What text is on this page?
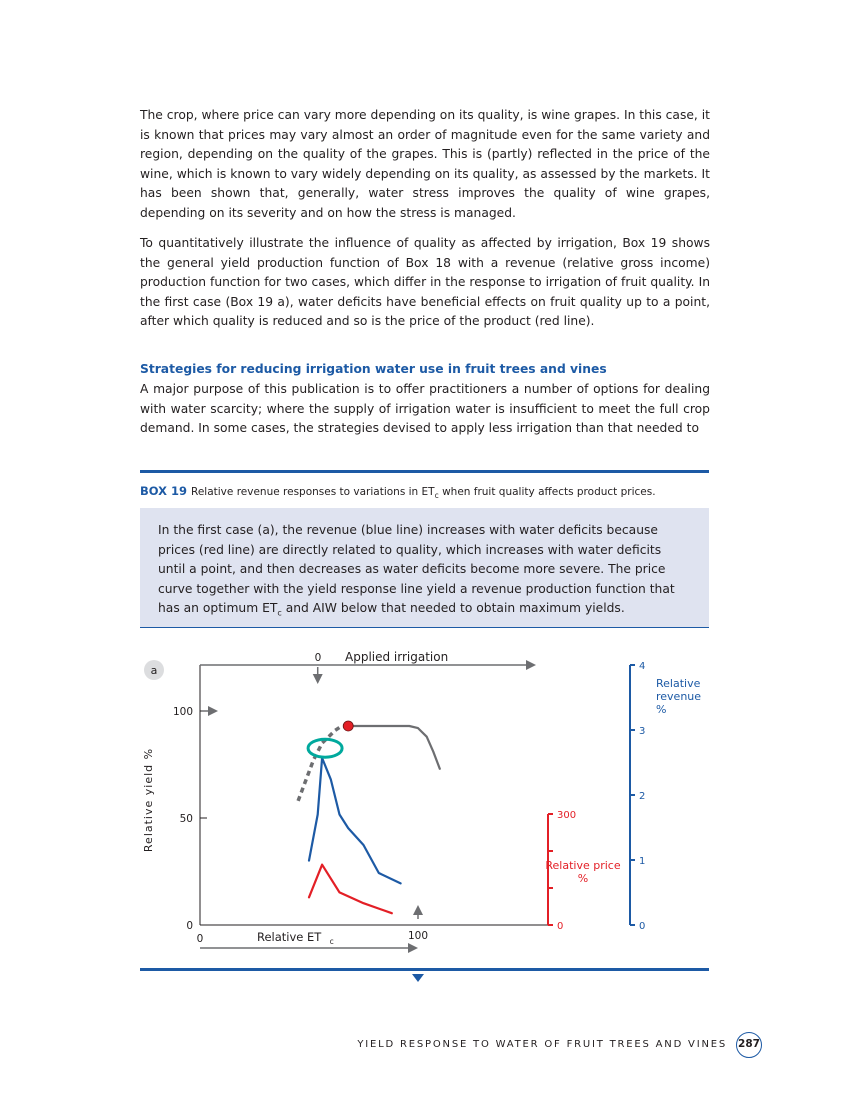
The crop, where price can vary more depending on its quality, is wine grapes. In this case, it is known that prices may vary almost an order of magnitude even for the same variety and region, depending on the quality of the grapes. This is (partly) reflected in the price of the wine, which is known to vary widely depending on its quality, as assessed by the markets. It has been shown that, generally, water stress improves the quality of wine grapes, depending on its severity and on how the stress is managed.

To quantitatively illustrate the influence of quality as affected by irrigation, Box 19 shows the general yield production function of Box 18 with a revenue (relative gross income) production function for two cases, which differ in the response to irrigation of fruit quality. In the first case (Box 19 a), water deficits have beneficial effects on fruit quality up to a point, after which quality is reduced and so is the price of the product (red line).

Strategies for reducing irrigation water use in fruit trees and vines

A major purpose of this publication is to offer practitioners a number of options for dealing with water scarcity; where the supply of irrigation water is insufficient to meet the full crop demand. In some cases, the strategies devised to apply less irrigation than that needed to

BOX 19 Relative revenue responses to variations in $ET_c$ when fruit quality affects product prices.

In the first case (a), the revenue (blue line) increases with water deficits because prices (red line) are directly related to quality, which increases with water deficits until a point, and then decreases as water deficits become more severe. The price curve together with the yield response line yield a revenue production function that has an optimum $ET_c$ and AIW below that needed to obtain maximum yields.

0 Applied irrigation
a
0
50
100
Relative yield %
0	100
Relative ET c
0
300
Relative price
%
0
1
2
3
4
Relative
revenue
%

YIELD RESPONSE TO WATER OF FRUIT TREES AND VINES 287
